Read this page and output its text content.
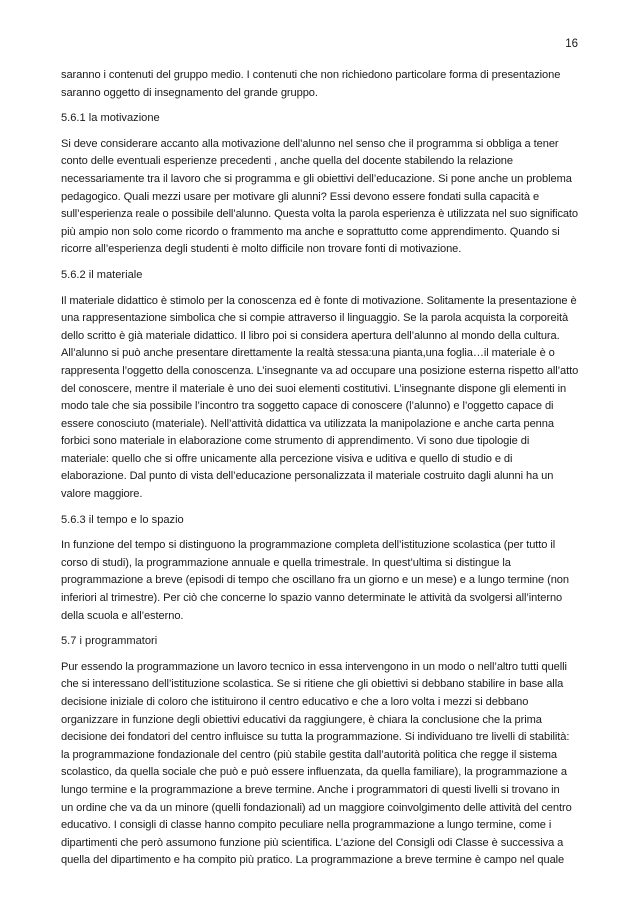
16
saranno i contenuti del gruppo medio. I contenuti che non richiedono particolare forma di presentazione
saranno oggetto di insegnamento del grande gruppo.
5.6.1 la motivazione
Si deve considerare accanto alla motivazione dell’alunno nel senso che il programma si obbliga a tener
conto delle eventuali esperienze precedenti , anche quella del docente stabilendo la relazione
necessariamente tra il lavoro che si programma e gli obiettivi dell’educazione. Si pone anche un problema
pedagogico. Quali mezzi usare per motivare gli alunni? Essi devono essere fondati sulla capacità e
sull’esperienza reale o possibile dell’alunno. Questa volta la parola esperienza è utilizzata nel suo significato
più ampio non solo come ricordo o frammento ma anche e soprattutto come apprendimento. Quando si
ricorre all’esperienza degli studenti è molto difficile non trovare fonti di motivazione.
5.6.2 il materiale
Il materiale didattico è stimolo per la conoscenza ed è fonte di motivazione. Solitamente la presentazione è
una rappresentazione simbolica che si compie attraverso il linguaggio. Se la parola acquista la corporeità
dello scritto è già materiale didattico. Il libro poi si considera apertura dell’alunno al mondo della cultura.
All’alunno si può anche presentare direttamente la realtà stessa:una pianta,una foglia…il materiale è o
rappresenta l’oggetto della conoscenza. L’insegnante va ad occupare una posizione esterna rispetto all’atto
del conoscere, mentre il materiale è uno dei suoi elementi costitutivi. L’insegnante dispone gli elementi in
modo tale che sia possibile l’incontro tra soggetto capace di conoscere (l’alunno) e l’oggetto capace di
essere conosciuto (materiale). Nell’attività didattica va utilizzata la manipolazione e anche carta penna
forbici sono materiale in elaborazione come strumento di apprendimento. Vi sono due tipologie di
materiale: quello che si offre unicamente alla percezione visiva e uditiva e quello di studio e di
elaborazione. Dal punto di vista dell’educazione personalizzata il materiale costruito dagli alunni ha un
valore maggiore.
5.6.3 il tempo e lo spazio
In funzione del tempo si distinguono la programmazione completa dell’istituzione scolastica (per tutto il
corso di studi), la programmazione annuale e quella trimestrale. In quest’ultima si distingue la
programmazione a breve (episodi di tempo che oscillano fra un giorno e un mese) e a lungo termine (non
inferiori al trimestre). Per ciò che concerne lo spazio vanno determinate le attività da svolgersi all’interno
della scuola e all’esterno.
5.7 i programmatori
Pur essendo la programmazione un lavoro tecnico in essa intervengono in un modo o nell’altro tutti quelli
che si interessano dell’istituzione scolastica. Se si ritiene che gli obiettivi si debbano stabilire in base alla
decisione iniziale di coloro che istituirono il centro educativo e che a loro volta i mezzi si debbano
organizzare in funzione degli obiettivi educativi da raggiungere, è chiara la conclusione che la prima
decisione dei fondatori del centro influisce su tutta la programmazione. Si individuano tre livelli di stabilità:
la programmazione fondazionale del centro (più stabile gestita dall’autorità politica che regge il sistema
scolastico, da quella sociale che può e può essere influenzata, da quella familiare), la programmazione a
lungo termine e la programmazione a breve termine. Anche i programmatori di questi livelli si trovano in
un ordine che va da un minore (quelli fondazionali) ad un maggiore coinvolgimento delle attività del centro
educativo. I consigli di classe hanno compito peculiare nella programmazione a lungo termine, come i
dipartimenti che però assumono funzione più scientifica. L’azione del Consigli odi Classe è successiva a
quella del dipartimento e ha compito più pratico. La programmazione a breve termine è campo nel quale
